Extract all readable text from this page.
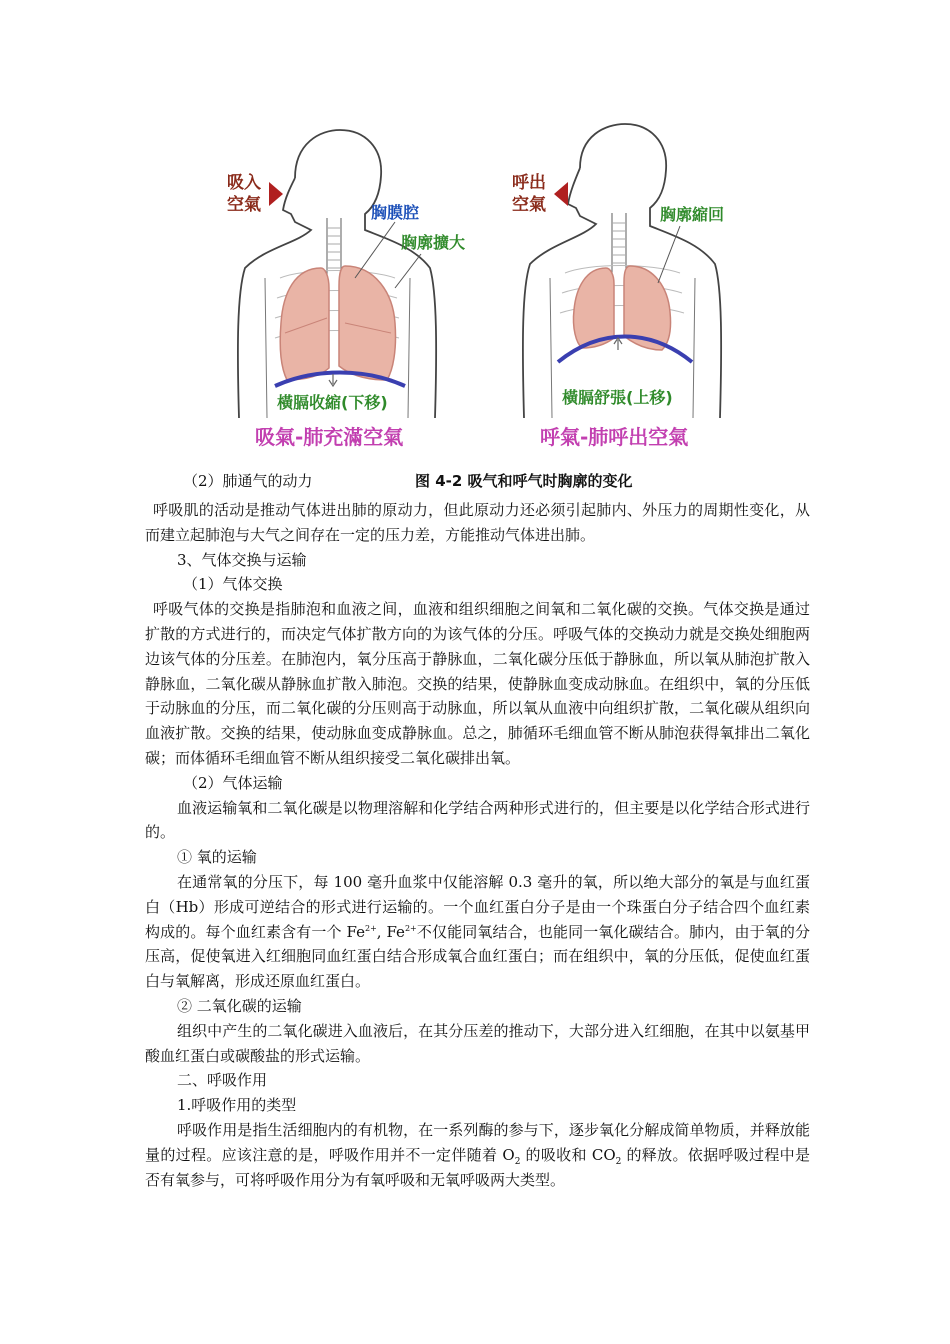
吸入
空氣	胸膜腔
胸廓擴大
橫膈收縮(下移)
吸氣-肺充滿空氣
呼出
空氣	胸廓縮回
橫膈舒張(上移)
呼氣-肺呼出空氣
（2）肺通气的动力	图 4-2 吸气和呼气时胸廓的变化

呼吸肌的活动是推动气体进出肺的原动力，但此原动力还必须引起肺内、外压力的周期性变化，从而建立起肺泡与大气之间存在一定的压力差，方能推动气体进出肺。

3、气体交换与运输

（1）气体交换

呼吸气体的交换是指肺泡和血液之间，血液和组织细胞之间氧和二氧化碳的交换。气体交换是通过扩散的方式进行的，而决定气体扩散方向的为该气体的分压。呼吸气体的交换动力就是交换处细胞两边该气体的分压差。在肺泡内，氧分压高于静脉血，二氧化碳分压低于静脉血，所以氧从肺泡扩散入静脉血，二氧化碳从静脉血扩散入肺泡。交换的结果，使静脉血变成动脉血。在组织中，氧的分压低于动脉血的分压，而二氧化碳的分压则高于动脉血，所以氧从血液中向组织扩散，二氧化碳从组织向血液扩散。交换的结果，使动脉血变成静脉血。总之，肺循环毛细血管不断从肺泡获得氧排出二氧化碳；而体循环毛细血管不断从组织接受二氧化碳排出氧。

（2）气体运输

血液运输氧和二氧化碳是以物理溶解和化学结合两种形式进行的，但主要是以化学结合形式进行的。

① 氧的运输

在通常氧的分压下，每 100 毫升血浆中仅能溶解 0.3 毫升的氧，所以绝大部分的氧是与血红蛋白（Hb）形成可逆结合的形式进行运输的。一个血红蛋白分子是由一个珠蛋白分子结合四个血红素构成的。每个血红素含有一个 $Fe^{2+}$, $Fe^{2+}$不仅能同氧结合，也能同一氧化碳结合。肺内，由于氧的分压高，促使氧进入红细胞同血红蛋白结合形成氧合血红蛋白；而在组织中，氧的分压低，促使血红蛋白与氧解离，形成还原血红蛋白。

② 二氧化碳的运输

组织中产生的二氧化碳进入血液后，在其分压差的推动下，大部分进入红细胞，在其中以氨基甲酸血红蛋白或碳酸盐的形式运输。

二、呼吸作用

1.呼吸作用的类型

呼吸作用是指生活细胞内的有机物，在一系列酶的参与下，逐步氧化分解成简单物质，并释放能量的过程。应该注意的是，呼吸作用并不一定伴随着 $O_2$ 的吸收和 $CO_2$ 的释放。依据呼吸过程中是否有氧参与，可将呼吸作用分为有氧呼吸和无氧呼吸两大类型。
